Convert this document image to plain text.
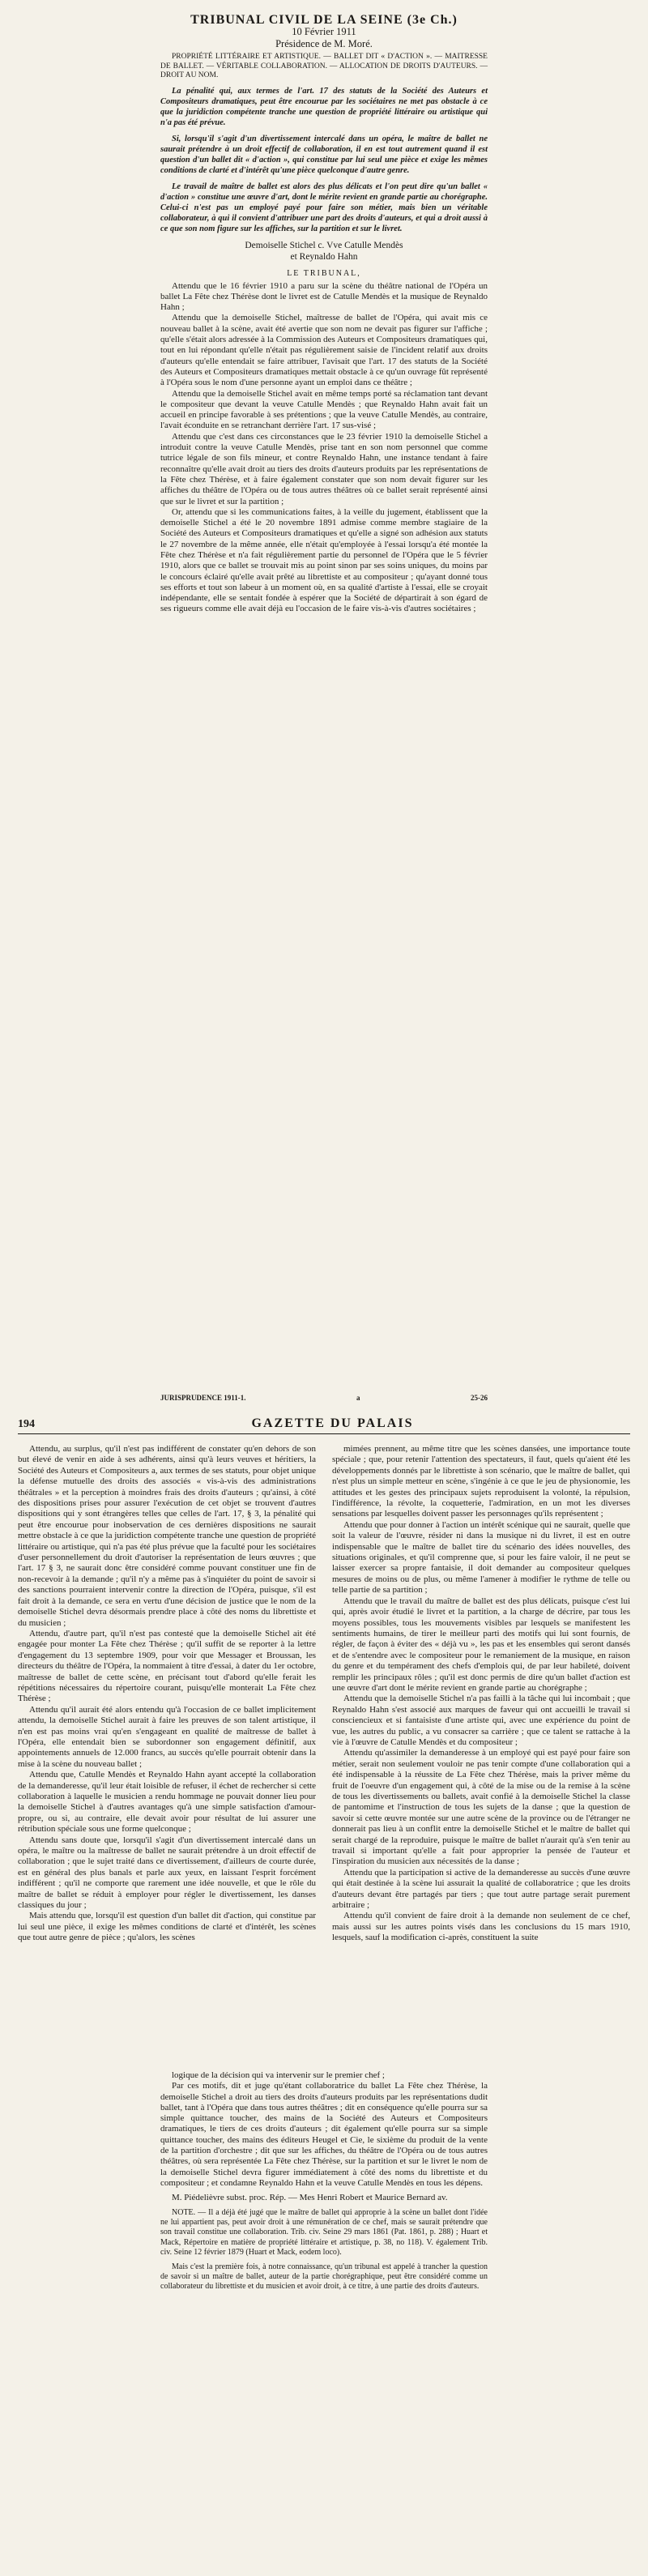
TRIBUNAL CIVIL DE LA SEINE (3e Ch.)
10 Février 1911
Présidence de M. Moré.

PROPRIÉTÉ LITTÉRAIRE ET ARTISTIQUE. — BALLET DIT « D'ACTION ». — MAITRESSE DE BALLET. — VÉRITABLE COLLABORATION. — ALLOCATION DE DROITS D'AUTEURS. — DROIT AU NOM.

La pénalité qui, aux termes de l'art. 17 des statuts de la Société des Auteurs et Compositeurs dramatiques, peut être encourue par les sociétaires ne met pas obstacle à ce que la juridiction compétente tranche une question de propriété littéraire ou artistique qui n'a pas été prévue.

Si, lorsqu'il s'agit d'un divertissement intercalé dans un opéra, le maître de ballet ne saurait prétendre à un droit effectif de collaboration, il en est tout autrement quand il est question d'un ballet dit « d'action », qui constitue par lui seul une pièce et exige les mêmes conditions de clarté et d'intérêt qu'une pièce quelconque d'autre genre.

Le travail de maître de ballet est alors des plus délicats et l'on peut dire qu'un ballet « d'action » constitue une œuvre d'art, dont le mérite revient en grande partie au chorégraphe. Celui-ci n'est pas un employé payé pour faire son métier, mais bien un véritable collaborateur, à qui il convient d'attribuer une part des droits d'auteurs, et qui a droit aussi à ce que son nom figure sur les affiches, sur la partition et sur le livret.

Demoiselle Stichel c. Vve Catulle Mendès
et Reynaldo Hahn
LE TRIBUNAL,

Attendu que le 16 février 1910 a paru sur la scène du théâtre national de l'Opéra un ballet La Fête chez Thérèse dont le livret est de Catulle Mendès et la musique de Reynaldo Hahn ;

Attendu que la demoiselle Stichel, maîtresse de ballet de l'Opéra, qui avait mis ce nouveau ballet à la scène, avait été avertie que son nom ne devait pas figurer sur l'affiche ; qu'elle s'était alors adressée à la Commission des Auteurs et Compositeurs dramatiques qui, tout en lui répondant qu'elle n'était pas régulièrement saisie de l'incident relatif aux droits d'auteurs qu'elle entendait se faire attribuer, l'avisait que l'art. 17 des statuts de la Société des Auteurs et Compositeurs dramatiques mettait obstacle à ce qu'un ouvrage fût représenté à l'Opéra sous le nom d'une personne ayant un emploi dans ce théâtre ;

Attendu que la demoiselle Stichel avait en même temps porté sa réclamation tant devant le compositeur que devant la veuve Catulle Mendès ; que Reynaldo Hahn avait fait un accueil en principe favorable à ses prétentions ; que la veuve Catulle Mendès, au contraire, l'avait éconduite en se retranchant derrière l'art. 17 sus-visé ;

Attendu que c'est dans ces circonstances que le 23 février 1910 la demoiselle Stichel a introduit contre la veuve Catulle Mendès, prise tant en son nom personnel que comme tutrice légale de son fils mineur, et contre Reynaldo Hahn, une instance tendant à faire reconnaître qu'elle avait droit au tiers des droits d'auteurs produits par les représentations de la Fête chez Thérèse, et à faire également constater que son nom devait figurer sur les affiches du théâtre de l'Opéra ou de tous autres théâtres où ce ballet serait représenté ainsi que sur le livret et sur la partition ;

Or, attendu que si les communications faites, à la veille du jugement, établissent que la demoiselle Stichel a été le 20 novembre 1891 admise comme membre stagiaire de la Société des Auteurs et Compositeurs dramatiques et qu'elle a signé son adhésion aux statuts le 27 novembre de la même année, elle n'était qu'employée à l'essai lorsqu'a été montée la Fête chez Thérèse et n'a fait régulièrement partie du personnel de l'Opéra que le 5 février 1910, alors que ce ballet se trouvait mis au point sinon par ses soins uniques, du moins par le concours éclairé qu'elle avait prêté au librettiste et au compositeur ; qu'ayant donné tous ses efforts et tout son labeur à un moment où, en sa qualité d'artiste à l'essai, elle se croyait indépendante, elle se sentait fondée à espérer que la Société de départirait à son égard de ses rigueurs comme elle avait déjà eu l'occasion de le faire vis-à-vis d'autres sociétaires ;

JURISPRUDENCE 1911-1.	a	25-26
194	GAZETTE DU PALAIS

Attendu, au surplus, qu'il n'est pas indifférent de constater qu'en dehors de son but élevé de venir en aide à ses adhérents, ainsi qu'à leurs veuves et héritiers, la Société des Auteurs et Compositeurs a, aux termes de ses statuts, pour objet unique la défense mutuelle des droits des associés « vis-à-vis des administrations théâtrales » et la perception à moindres frais des droits d'auteurs ; qu'ainsi, à côté des dispositions prises pour assurer l'exécution de cet objet se trouvent d'autres dispositions qui y sont étrangères telles que celles de l'art. 17, § 3, la pénalité qui peut être encourue pour inobservation de ces dernières dispositions ne saurait mettre obstacle à ce que la juridiction compétente tranche une question de propriété littéraire ou artistique, qui n'a pas été plus prévue que la faculté pour les sociétaires d'user personnellement du droit d'autoriser la représentation de leurs œuvres ; que l'art. 17 § 3, ne saurait donc être considéré comme pouvant constituer une fin de non-recevoir à la demande ; qu'il n'y a même pas à s'inquiéter du point de savoir si des sanctions pourraient intervenir contre la direction de l'Opéra, puisque, s'il est fait droit à la demande, ce sera en vertu d'une décision de justice que le nom de la demoiselle Stichel devra désormais prendre place à côté des noms du librettiste et du musicien ;

Attendu, d'autre part, qu'il n'est pas contesté que la demoiselle Stichel ait été engagée pour monter La Fête chez Thérèse ; qu'il suffit de se reporter à la lettre d'engagement du 13 septembre 1909, pour voir que Messager et Broussan, les directeurs du théâtre de l'Opéra, la nommaient à titre d'essai, à dater du 1er octobre, maîtresse de ballet de cette scène, en précisant tout d'abord qu'elle ferait les répétitions nécessaires du répertoire courant, puisqu'elle monterait La Fête chez Thérèse ;

Attendu qu'il aurait été alors entendu qu'à l'occasion de ce ballet implicitement attendu, la demoiselle Stichel aurait à faire les preuves de son talent artistique, il n'en est pas moins vrai qu'en s'engageant en qualité de maîtresse de ballet à l'Opéra, elle entendait bien se subordonner son engagement définitif, aux appointements annuels de 12.000 francs, au succès qu'elle pourrait obtenir dans la mise à la scène du nouveau ballet ;

Attendu que, Catulle Mendès et Reynaldo Hahn ayant accepté la collaboration de la demanderesse, qu'il leur était loisible de refuser, il échet de rechercher si cette collaboration à laquelle le musicien a rendu hommage ne pouvait donner lieu pour la demoiselle Stichel à d'autres avantages qu'à une simple satisfaction d'amour-propre, ou si, au contraire, elle devait avoir pour résultat de lui assurer une rétribution spéciale sous une forme quelconque ;

Attendu sans doute que, lorsqu'il s'agit d'un divertissement intercalé dans un opéra, le maître ou la maîtresse de ballet ne saurait prétendre à un droit effectif de collaboration ; que le sujet traité dans ce divertissement, d'ailleurs de courte durée, est en général des plus banals et parle aux yeux, en laissant l'esprit forcément indifférent ; qu'il ne comporte que rarement une idée nouvelle, et que le rôle du maître de ballet se réduit à employer pour régler le divertissement, les danses classiques du jour ;

Mais attendu que, lorsqu'il est question d'un ballet dit d'action, qui constitue par lui seul une pièce, il exige les mêmes conditions de clarté et d'intérêt, les scènes que tout autre genre de pièce ; qu'alors, les scènes

mimées prennent, au même titre que les scènes dansées, une importance toute spéciale ; que, pour retenir l'attention des spectateurs, il faut, quels qu'aient été les développements donnés par le librettiste à son scénario, que le maître de ballet, qui n'est plus un simple metteur en scène, s'ingénie à ce que le jeu de physionomie, les attitudes et les gestes des principaux sujets reproduisent la volonté, la répulsion, l'indifférence, la révolte, la coquetterie, l'admiration, en un mot les diverses sensations par lesquelles doivent passer les personnages qu'ils représentent ;

Attendu que pour donner à l'action un intérêt scénique qui ne saurait, quelle que soit la valeur de l'œuvre, résider ni dans la musique ni du livret, il est en outre indispensable que le maître de ballet tire du scénario des idées nouvelles, des situations originales, et qu'il comprenne que, si pour les faire valoir, il ne peut se laisser exercer sa propre fantaisie, il doit demander au compositeur quelques mesures de moins ou de plus, ou même l'amener à modifier le rythme de telle ou telle partie de sa partition ;

Attendu que le travail du maître de ballet est des plus délicats, puisque c'est lui qui, après avoir étudié le livret et la partition, a la charge de décrire, par tous les moyens possibles, tous les mouvements visibles par lesquels se manifestent les sentiments humains, de tirer le meilleur parti des motifs qui lui sont fournis, de régler, de façon à éviter des « déjà vu », les pas et les ensembles qui seront dansés et de s'entendre avec le compositeur pour le remaniement de la musique, en raison du genre et du tempérament des chefs d'emplois qui, de par leur habileté, doivent remplir les principaux rôles ; qu'il est donc permis de dire qu'un ballet d'action est une œuvre d'art dont le mérite revient en grande partie au chorégraphe ;

Attendu que la demoiselle Stichel n'a pas failli à la tâche qui lui incombait ; que Reynaldo Hahn s'est associé aux marques de faveur qui ont accueilli le travail si consciencieux et si fantaisiste d'une artiste qui, avec une expérience du point de vue, les autres du public, a vu consacrer sa carrière ; que ce talent se rattache à la vie à l'œuvre de Catulle Mendès et du compositeur ;

Attendu qu'assimiler la demanderesse à un employé qui est payé pour faire son métier, serait non seulement vouloir ne pas tenir compte d'une collaboration qui a été indispensable à la réussite de La Fête chez Thérèse, mais la priver même du fruit de l'oeuvre d'un engagement qui, à côté de la mise ou de la remise à la scène de tous les divertissements ou ballets, avait confié à la demoiselle Stichel la classe de pantomime et l'instruction de tous les sujets de la danse ; que la question de savoir si cette œuvre montée sur une autre scène de la province ou de l'étranger ne donnerait pas lieu à un conflit entre la demoiselle Stichel et le maître de ballet qui serait chargé de la reproduire, puisque le maître de ballet n'aurait qu'à s'en tenir au travail si important qu'elle a fait pour approprier la pensée de l'auteur et l'inspiration du musicien aux nécessités de la danse ;

Attendu que la participation si active de la demanderesse au succès d'une œuvre qui était destinée à la scène lui assurait la qualité de collaboratrice ; que les droits d'auteurs devant être partagés par tiers ; que tout autre partage serait purement arbitraire ;

Attendu qu'il convient de faire droit à la demande non seulement de ce chef, mais aussi sur les autres points visés dans les conclusions du 15 mars 1910, lesquels, sauf la modification ci-après, constituent la suite

logique de la décision qui va intervenir sur le premier chef ;

Par ces motifs, dit et juge qu'étant collaboratrice du ballet La Fête chez Thérèse, la demoiselle Stichel a droit au tiers des droits d'auteurs produits par les représentations dudit ballet, tant à l'Opéra que dans tous autres théâtres ; dit en conséquence qu'elle pourra sur sa simple quittance toucher, des mains de la Société des Auteurs et Compositeurs dramatiques, le tiers de ces droits d'auteurs ; dit également qu'elle pourra sur sa simple quittance toucher, des mains des éditeurs Heugel et Cie, le sixième du produit de la vente de la partition d'orchestre ; dit que sur les affiches, du théâtre de l'Opéra ou de tous autres théâtres, où sera représentée La Fête chez Thérèse, sur la partition et sur le livret le nom de la demoiselle Stichel devra figurer immédiatement à côté des noms du librettiste et du compositeur ; et condamne Reynaldo Hahn et la veuve Catulle Mendès en tous les dépens.

M. Piédelièvre subst. proc. Rép. — Mes Henri Robert et Maurice Bernard av.

NOTE. — Il a déjà été jugé que le maître de ballet qui approprie à la scène un ballet dont l'idée ne lui appartient pas, peut avoir droit à une rémunération de ce chef, mais se saurait prétendre que son travail constitue une collaboration. Trib. civ. Seine 29 mars 1861 (Pat. 1861, p. 288) ; Huart et Mack, Répertoire en matière de propriété littéraire et artistique, p. 38, no 118). V. également Trib. civ. Seine 12 février 1879 (Huart et Mack, eodem loco).

Mais c'est la première fois, à notre connaissance, qu'un tribunal est appelé à trancher la question de savoir si un maître de ballet, auteur de la partie chorégraphique, peut être considéré comme un collaborateur du librettiste et du musicien et avoir droit, à ce titre, à une partie des droits d'auteurs.
